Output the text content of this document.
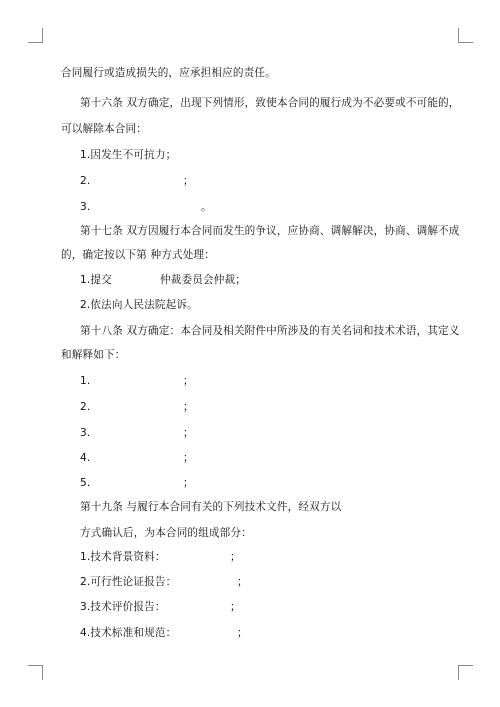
合同履行或造成损失的，应承担相应的责任。
第十六条 双方确定，出现下列情形，致使本合同的履行成为不必要或不可能的，
可以解除本合同：
1.因发生不可抗力；

2.

	；

3.

	。

第十七条 双方因履行本合同而发生的争议，应协商、调解解决，协商、调解不成
的，确定按以下第 种方式处理：

1.提交

	仲裁委员会仲裁；

2.依法向人民法院起诉。
第十八条 双方确定：本合同及相关附件中所涉及的有关名词和技术术语，其定义
和解释如下：

1.

	；

2.

	；

3.

	；

4.

	；

5.

	；

第十九条 与履行本合同有关的下列技术文件，经双方以
方式确认后，为本合同的组成部分：

1.技术背景资料：

	；

2.可行性论证报告：

	；

3.技术评价报告：

	；

4.技术标准和规范：

	；
